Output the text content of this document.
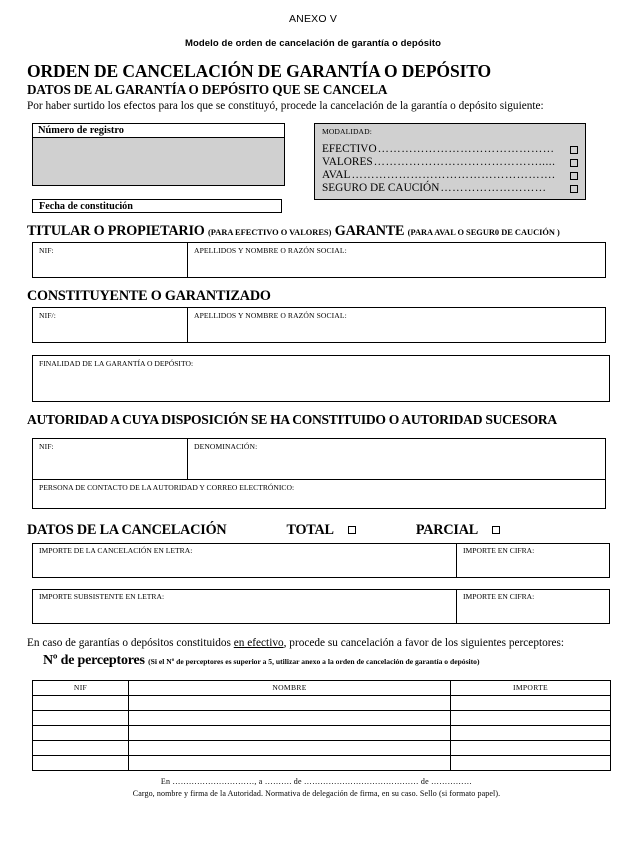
ANEXO V
Modelo de orden de cancelación de garantía o depósito
ORDEN DE CANCELACIÓN DE GARANTÍA O DEPÓSITO
DATOS DE AL GARANTÍA O DEPÓSITO QUE SE CANCELA

Por haber surtido los efectos para los que se constituyó, procede la cancelación de la garantía o depósito siguiente:

Número de registro
Fecha de constitución
MODALIDAD:
EFECTIVO ………………………………………
VALORES …………………………………….....
AVAL …………………………………………….
SEGURO DE CAUCIÓN ………………………
TITULAR O PROPIETARIO (PARA EFECTIVO O VALORES) GARANTE (PARA AVAL O SEGUR0 DE CAUCIÓN )
NIF:	APELLIDOS Y NOMBRE O RAZÓN SOCIAL:
CONSTITUYENTE O GARANTIZADO
NIF/:	APELLIDOS Y NOMBRE O RAZÓN SOCIAL:
FINALIDAD DE LA GARANTÍA O DEPÓSITO:
AUTORIDAD A CUYA DISPOSICIÓN SE HA CONSTITUIDO O AUTORIDAD SUCESORA
NIF:	DENOMINACIÓN:
PERSONA DE CONTACTO DE LA AUTORIDAD Y CORREO ELECTRÓNICO:
DATOS DE LA CANCELACIÓN	TOTAL	PARCIAL
IMPORTE DE LA CANCELACIÓN EN LETRA:	IMPORTE EN CIFRA:
IMPORTE SUBSISTENTE EN LETRA:	IMPORTE EN CIFRA:

En caso de garantías o depósitos constituidos en efectivo, procede su cancelación a favor de los siguientes perceptores:

Nº de perceptores (Si el Nº de perceptores es superior a 5, utilizar anexo a la orden de cancelación de garantía o depósito)
NIF	NOMBRE	IMPORTE

En …………………………, a ………. de …………………………………… de ……………
Cargo, nombre y firma de la Autoridad. Normativa de delegación de firma, en su caso. Sello (si formato papel).
